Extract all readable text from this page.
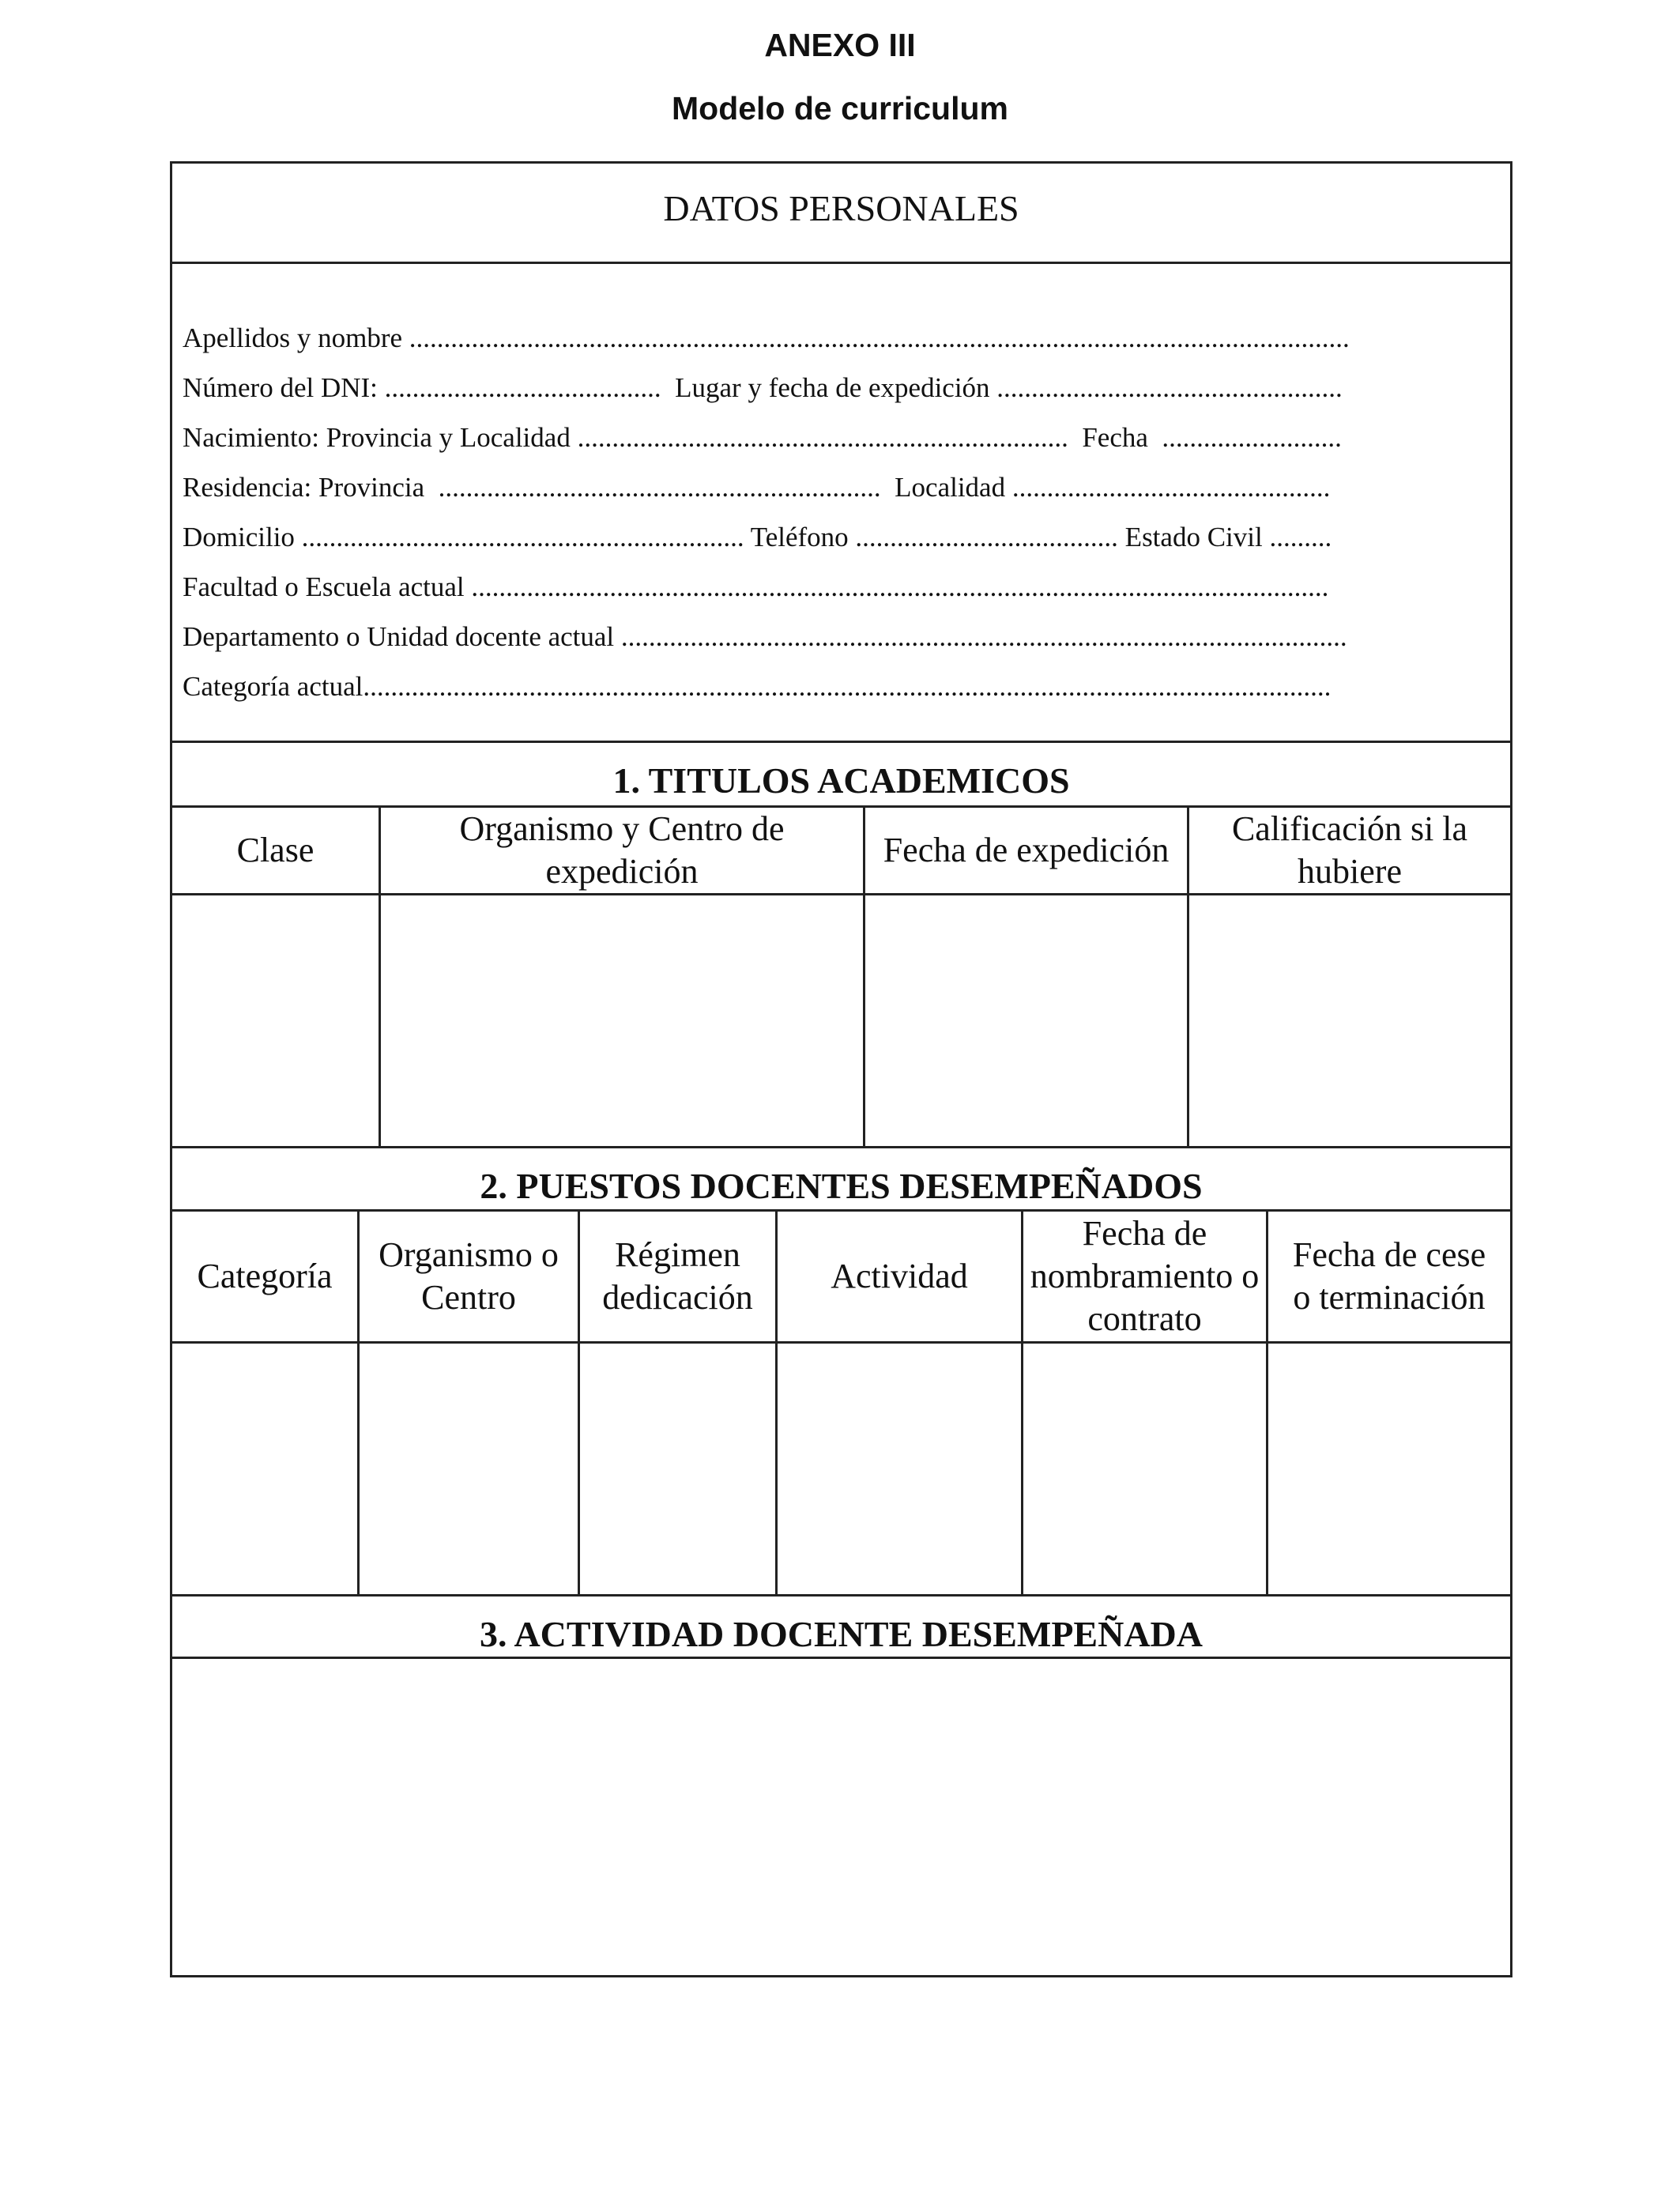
ANEXO III
Modelo de curriculum
DATOS PERSONALES
Apellidos y nombre ........................................................................................................................................
Número del DNI: ........................................  Lugar y fecha de expedición ..................................................
Nacimiento: Provincia y Localidad .......................................................................  Fecha  ..........................
Residencia: Provincia  ................................................................  Localidad ..............................................
Domicilio ................................................................ Teléfono ...................................... Estado Civil .........
Facultad o Escuela actual ............................................................................................................................
Departamento o Unidad docente actual .........................................................................................................
Categoría actual............................................................................................................................................
1. TITULOS ACADEMICOS
Clase
Organismo y Centro de expedición
Fecha de expedición
Calificación si la hubiere
2. PUESTOS DOCENTES DESEMPEÑADOS
Categoría
Organismo o Centro
Régimen dedicación
Actividad
Fecha de nombramiento o contrato
Fecha de cese o terminación
3. ACTIVIDAD DOCENTE DESEMPEÑADA
